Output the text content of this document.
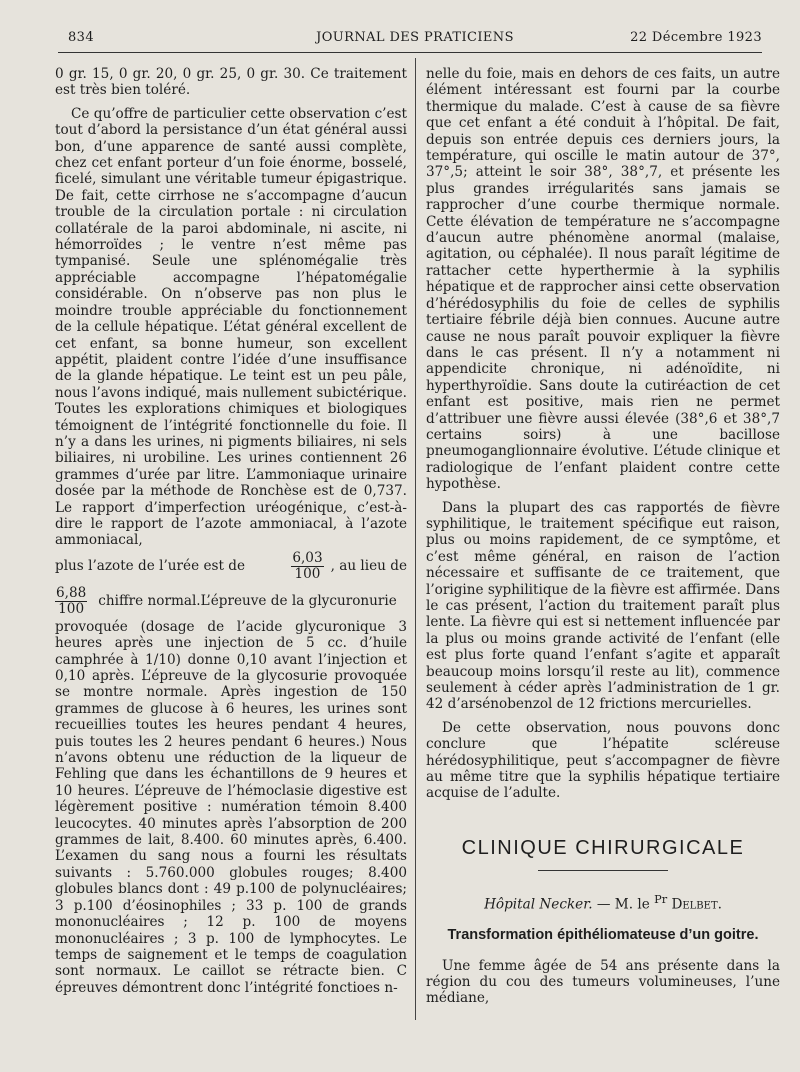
834	JOURNAL DES PRATICIENS	22 Décembre 1923

0 gr. 15, 0 gr. 20, 0 gr. 25, 0 gr. 30. Ce traitement est très bien toléré.

Ce qu’offre de particulier cette observation c’est tout d’abord la persistance d’un état général aussi bon, d’une apparence de santé aussi complète, chez cet enfant porteur d’un foie énorme, bosselé, ficelé, simulant une véritable tumeur épigastrique. De fait, cette cirrhose ne s’accompagne d’aucun trouble de la circulation portale : ni circulation collatérale de la paroi abdominale, ni ascite, ni hémorroïdes ; le ventre n’est même pas tympanisé. Seule une splénomégalie très appréciable accompagne l’hépatomégalie considérable. On n’observe pas non plus le moindre trouble appréciable du fonctionnement de la cellule hépatique. L’état général excellent de cet enfant, sa bonne humeur, son excellent appétit, plaident contre l’idée d’une insuffisance de la glande hépatique. Le teint est un peu pâle, nous l’avons indiqué, mais nullement subictérique. Toutes les explorations chimiques et biologiques témoignent de l’intégrité fonctionnelle du foie. Il n’y a dans les urines, ni pigments biliaires, ni sels biliaires, ni urobiline. Les urines contiennent 26 grammes d’urée par litre. L’ammoniaque urinaire dosée par la méthode de Ronchèse est de 0,737. Le rapport d’imperfection uréogénique, c’est-à-dire le rapport de l’azote ammoniacal, à l’azote ammoniacal,

plus l’azote de l’urée est de	$\frac{6,03}{100}$ , au lieu de
$\frac{6,88}{100}$ chiffre normal.L’épreuve de la glycuronurie

provoquée (dosage de l’acide glycuronique 3 heures après une injection de 5 cc. d’huile camphrée à 1/10) donne 0,10 avant l’injection et 0,10 après. L’épreuve de la glycosurie provoquée se montre normale. Après ingestion de 150 grammes de glucose à 6 heures, les urines sont recueillies toutes les heures pendant 4 heures, puis toutes les 2 heures pendant 6 heures.) Nous n’avons obtenu une réduction de la liqueur de Fehling que dans les échantillons de 9 heures et 10 heures. L’épreuve de l’hémoclasie digestive est légèrement positive : numération témoin 8.400 leucocytes. 40 minutes après l’absorption de 200 grammes de lait, 8.400. 60 minutes après, 6.400. L’examen du sang nous a fourni les résultats suivants : 5.760.000 globules rouges; 8.400 globules blancs dont : 49 p.100 de polynucléaires; 3 p.100 d’éosinophiles ; 33 p. 100 de grands mononucléaires ; 12 p. 100 de moyens mononucléaires ; 3 p. 100 de lymphocytes. Le temps de saignement et le temps de coagulation sont normaux. Le caillot se rétracte bien. C épreuves démontrent donc l’intégrité fonctioes n-

nelle du foie, mais en dehors de ces faits, un autre élément intéressant est fourni par la courbe thermique du malade. C’est à cause de sa fièvre que cet enfant a été conduit à l’hôpital. De fait, depuis son entrée depuis ces derniers jours, la température, qui oscille le matin autour de 37°, 37°,5; atteint le soir 38°, 38°,7, et présente les plus grandes irrégularités sans jamais se rapprocher d’une courbe thermique normale. Cette élévation de température ne s’accompagne d’aucun autre phénomène anormal (malaise, agitation, ou céphalée). Il nous paraît légitime de rattacher cette hyperthermie à la syphilis hépatique et de rapprocher ainsi cette observation d’hérédosyphilis du foie de celles de syphilis tertiaire fébrile déjà bien connues. Aucune autre cause ne nous paraît pouvoir expliquer la fièvre dans le cas présent. Il n’y a notamment ni appendicite chronique, ni adénoïdite, ni hyperthyroïdie. Sans doute la cutiréaction de cet enfant est positive, mais rien ne permet d’attribuer une fièvre aussi élevée (38°,6 et 38°,7 certains soirs) à une bacillose pneumoganglionnaire évolutive. L’étude clinique et radiologique de l’enfant plaident contre cette hypothèse.

Dans la plupart des cas rapportés de fièvre syphilitique, le traitement spécifique eut raison, plus ou moins rapidement, de ce symptôme, et c’est même général, en raison de l’action nécessaire et suffisante de ce traitement, que l’origine syphilitique de la fièvre est affirmée. Dans le cas présent, l’action du traitement paraît plus lente. La fièvre qui est si nettement influencée par la plus ou moins grande activité de l’enfant (elle est plus forte quand l’enfant s’agite et apparaît beaucoup moins lorsqu’il reste au lit), commence seulement à céder après l’administration de 1 gr. 42 d’arsénobenzol de 12 frictions mercurielles.

De cette observation, nous pouvons donc conclure que l’hépatite scléreuse hérédosyphilitique, peut s’accompagner de fièvre au même titre que la syphilis hépatique tertiaire acquise de l’adulte.

CLINIQUE CHIRURGICALE
Hôpital Necker. — M. le $^{Pr}$ Delbet.
Transformation épithéliomateuse d’un goitre.

Une femme âgée de 54 ans présente dans la région du cou des tumeurs volumineuses, l’une médiane,
